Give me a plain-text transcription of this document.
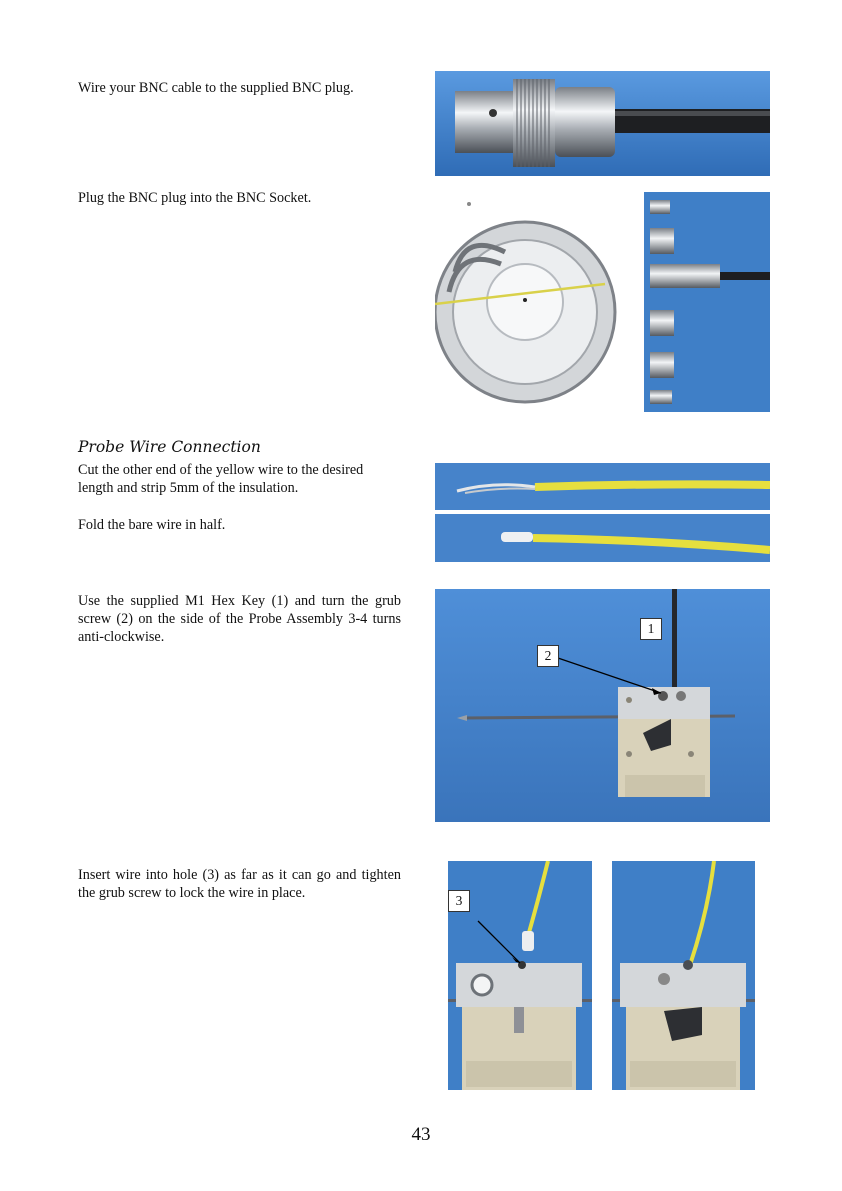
Wire your BNC cable to the supplied BNC plug.
Plug the BNC plug into the BNC Socket.
Probe Wire Connection
Cut the other end of the yellow wire to the desired length and strip 5mm of the insulation.
Fold the bare wire in half.
Use the supplied M1 Hex Key (1) and turn the grub screw (2) on the side of the Probe Assembly 3-4 turns anti-clockwise.
Insert wire into hole (3) as far as it can go and tighten the grub screw to lock the wire in place.
1
2
3
43
